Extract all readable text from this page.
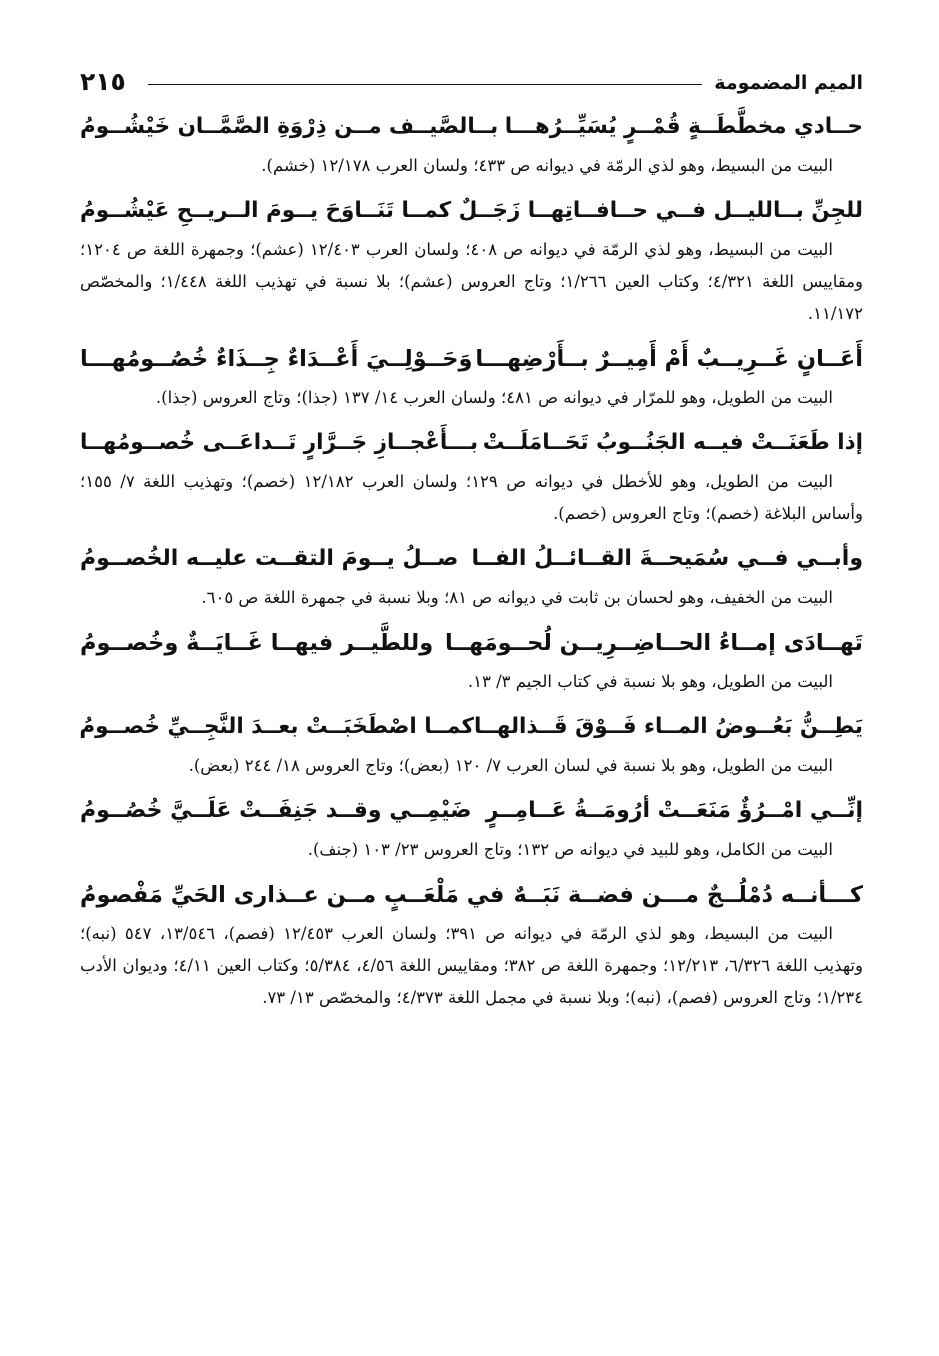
الميم المضمومة
٢١٥
حــادي مخطَّطَــةٍ قُمْــرٍ يُسَيِّــرُهـــا
بــالصَّيــف مــن ذِرْوَةِ الصَّمَّــان خَيْشُــومُ

البيت من البسيط، وهو لذي الرمّة في ديوانه ص ٤٣٣؛ ولسان العرب ١٢/١٧٨ (خشم).

للجِنِّ بــالليــل فــي حــافــاتِهــا زَجَــلٌ
كمــا تَنَــاوَحَ يــومَ الــريــحِ عَيْشُــومُ

البيت من البسيط، وهو لذي الرمّة في ديوانه ص ٤٠٨؛ ولسان العرب ١٢/٤٠٣ (عشم)؛ وجمهرة اللغة ص ١٢٠٤؛ ومقاييس اللغة ٤/٣٢١؛ وكتاب العين ١/٢٦٦؛ وتاج العروس (عشم)؛ بلا نسبة في تهذيب اللغة ١/٤٤٨؛ والمخصّص ١١/١٧٢.

أَعَــانٍ غَــرِيــبٌ أَمْ أَمِيــرٌ بــأَرْضِهـــا
وَحَــوْلِــيَ أَعْــدَاءٌ جِــذَاءٌ خُصُــومُهـــا

البيت من الطويل، وهو للمرّار في ديوانه ص ٤٨١؛ ولسان العرب ١٤/ ١٣٧ (جذا)؛ وتاج العروس (جذا).

إذا طَعَنَــتْ فيــه الجَنُــوبُ تَحَــامَلَــتْ
بـــأَعْجــازِ جَــرَّارٍ تَــداعَــى خُصــومُهــا

البيت من الطويل، وهو للأخطل في ديوانه ص ١٢٩؛ ولسان العرب ١٢/١٨٢ (خصم)؛ وتهذيب اللغة ٧/ ١٥٥؛ وأساس البلاغة (خصم)؛ وتاج العروس (خصم).

وأبــي فــي سُمَيحــةَ القــائــلُ الفــا
صــلُ يــومَ التقــت عليــه الخُصــومُ

البيت من الخفيف، وهو لحسان بن ثابت في ديوانه ص ٨١؛ وبلا نسبة في جمهرة اللغة ص ٦٠٥.

تَهــادَى إمــاءُ الحــاضِــرِيــن لُحــومَهــا
وللطَّيــر فيهــا غَــايَــةٌ وخُصــومُ

البيت من الطويل، وهو بلا نسبة في كتاب الجيم ٣/ ١٣.

يَطِــنُّ بَعُــوضُ المــاء فَــوْقَ قَــذالهــا
كمــا اصْطَخَبَــتْ بعــدَ النَّجِــيِّ خُصــومُ

البيت من الطويل، وهو بلا نسبة في لسان العرب ٧/ ١٢٠ (بعض)؛ وتاج العروس ١٨/ ٢٤٤ (بعض).

إنِّــي امْــرُؤٌ مَنَعَــتْ أرُومَــةُ عَــامِــرٍ
ضَيْمِــي وقــد جَنِفَــتْ عَلَــيَّ خُصُــومُ

البيت من الكامل، وهو للبيد في ديوانه ص ١٣٢؛ وتاج العروس ٢٣/ ١٠٣ (جنف).

كـــأنــه دُمْلُــجٌ مـــن فضــة نَبَــهٌ
في مَلْعَــبٍ مــن عــذارى الحَيِّ مَفْصومُ

البيت من البسيط، وهو لذي الرمّة في ديوانه ص ٣٩١؛ ولسان العرب ١٢/٤٥٣ (فصم)، ١٣/٥٤٦، ٥٤٧ (نبه)؛ وتهذيب اللغة ٦/٣٢٦، ١٢/٢١٣؛ وجمهرة اللغة ص ٣٨٢؛ ومقاييس اللغة ٤/٥٦، ٥/٣٨٤؛ وكتاب العين ٤/١١؛ وديوان الأدب ١/٢٣٤؛ وتاج العروس (فصم)، (نبه)؛ وبلا نسبة في مجمل اللغة ٤/٣٧٣؛ والمخصّص ١٣/ ٧٣.
